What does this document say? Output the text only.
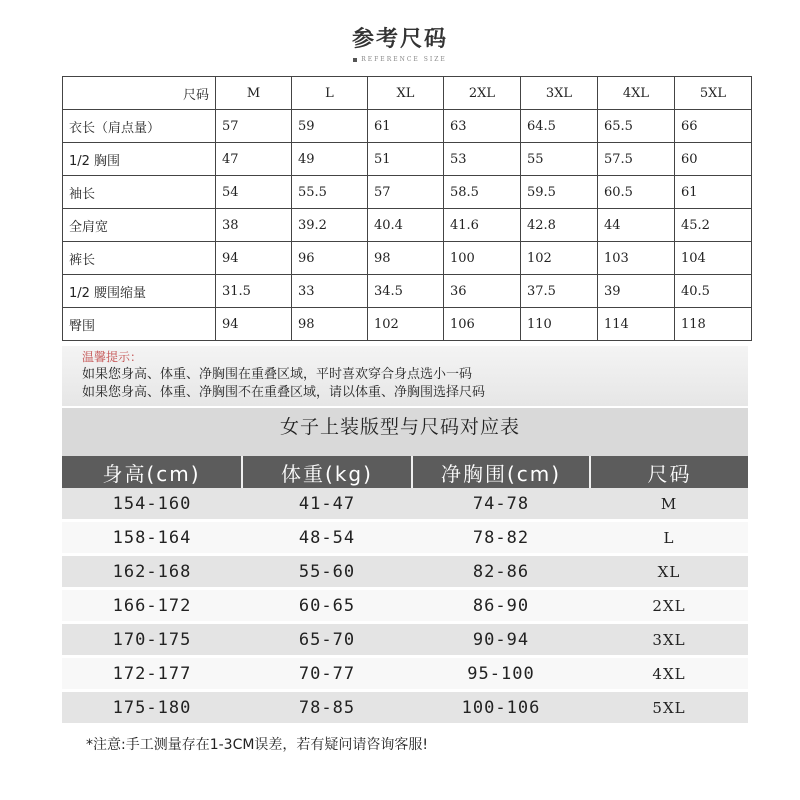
参考尺码
REFERENCE SIZE
尺码	M	L	XL	2XL	3XL	4XL	5XL
衣长（肩点量）	57	59	61	63	64.5	65.5	66
1/2 胸围	47	49	51	53	55	57.5	60
袖长	54	55.5	57	58.5	59.5	60.5	61
全肩宽	38	39.2	40.4	41.6	42.8	44	45.2
裤长	94	96	98	100	102	103	104
1/2 腰围缩量	31.5	33	34.5	36	37.5	39	40.5
臀围	94	98	102	106	110	114	118
温馨提示：
如果您身高、体重、净胸围在重叠区域，平时喜欢穿合身点选小一码
如果您身高、体重、净胸围不在重叠区域，请以体重、净胸围选择尺码
女子上装版型与尺码对应表
身高(cm)	体重(kg)	净胸围(cm)	尺码
154-160	41-47	74-78	M
158-164	48-54	78-82	L
162-168	55-60	82-86	XL
166-172	60-65	86-90	2XL
170-175	65-70	90-94	3XL
172-177	70-77	95-100	4XL
175-180	78-85	100-106	5XL
*注意:手工测量存在1-3CM误差，若有疑问请咨询客服!
